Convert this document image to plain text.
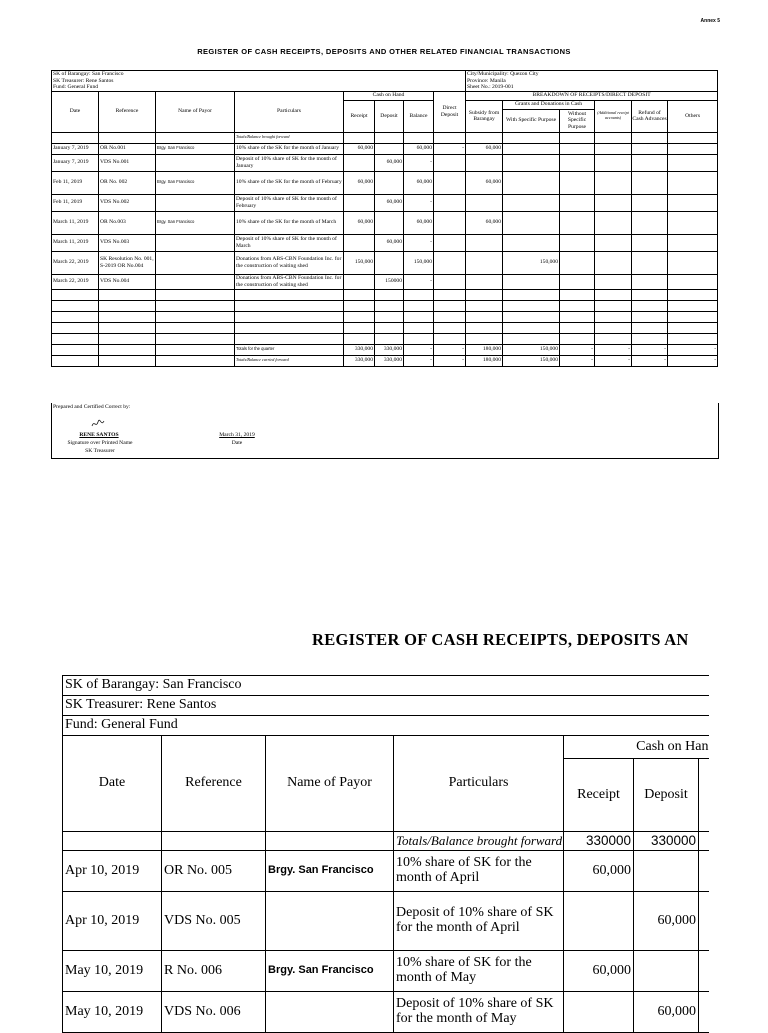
Annex 5
REGISTER OF CASH RECEIPTS, DEPOSITS AND OTHER RELATED FINANCIAL TRANSACTIONS
SK of Barangay: San Francisco								City/Municipality: Quezon City					
SK Treasurer: Rene Santos								Province: Manila					
Fund: General Fund								Sheet No.: 2019-001					
Date	Reference	Name of Payor	Particulars	Cash on Hand			Direct Deposit	BREAKDOWN OF RECEIPTS/DIRECT DEPOSIT					
				Receipt	Deposit	Balance		Subsidy from Barangay	Grants and Donations in Cash		(Additional receipt accounts)	Refund of Cash Advances	Others
									With Specific Purpose	Without Specific Purpose			
			Totals/Balance brought forward										
January 7, 2019	OR No.001	Brgy. San Francisco	10% share of the SK for the month of January	60,000		60,000	-	60,000					
January 7, 2019	VDS No.001		Deposit of 10% share of SK for the month of January		60,000	-							
Feb 11, 2019	OR No. 002	Brgy. San Francisco	10% share of the SK for the month of February	60,000		60,000		60,000					
Feb 11, 2019	VDS No.002		Deposit of 10% share of SK for the month of February		60,000	-							
March 11, 2019	OR No.003	Brgy. San Francisco	10% share of the SK for the month of March	60,000		60,000		60,000					
March 11, 2019	VDS No.003		Deposit of 10% share of SK for the month of March		60,000	-							
March 22, 2019	SK Resolution No. 001, S-2019 OR No.004		Donations from ABS-CBN Foundation Inc. for the construction of waiting shed	150,000		150,000			150,000				
March 22, 2019	VDS No.004		Donations from ABS-CBN Foundation Inc. for the construction of waiting shed		150000	-							

			Totals for the quarter	330,000	330,000	-	-	180,000	150,000	-	-	-	-
			Totals/Balance carried forward	330,000	330,000	-	-	180,000	150,000	-	-	-	-
Prepared and Certified Correct by:
RENE SANTOS
Signature over Printed Name
SK Treasurer
March 31, 2019
Date
REGISTER OF CASH RECEIPTS, DEPOSITS AN
SK of Barangay: San Francisco						
SK Treasurer: Rene Santos						
Fund: General Fund						
Date	Reference	Name of Payor	Particulars	Cash on Han		
				Receipt	Deposit	
			Totals/Balance brought forward	330000	330000	
Apr 10, 2019	OR No. 005	Brgy. San Francisco	10% share of SK for the month of April	60,000		
Apr 10, 2019	VDS No. 005		Deposit of 10% share of SK for the month of April		60,000	
May 10, 2019	R No. 006	Brgy. San Francisco	10% share of SK for the month of May	60,000		
May 10, 2019	VDS No. 006		Deposit of 10% share of SK for the month of May		60,000	
